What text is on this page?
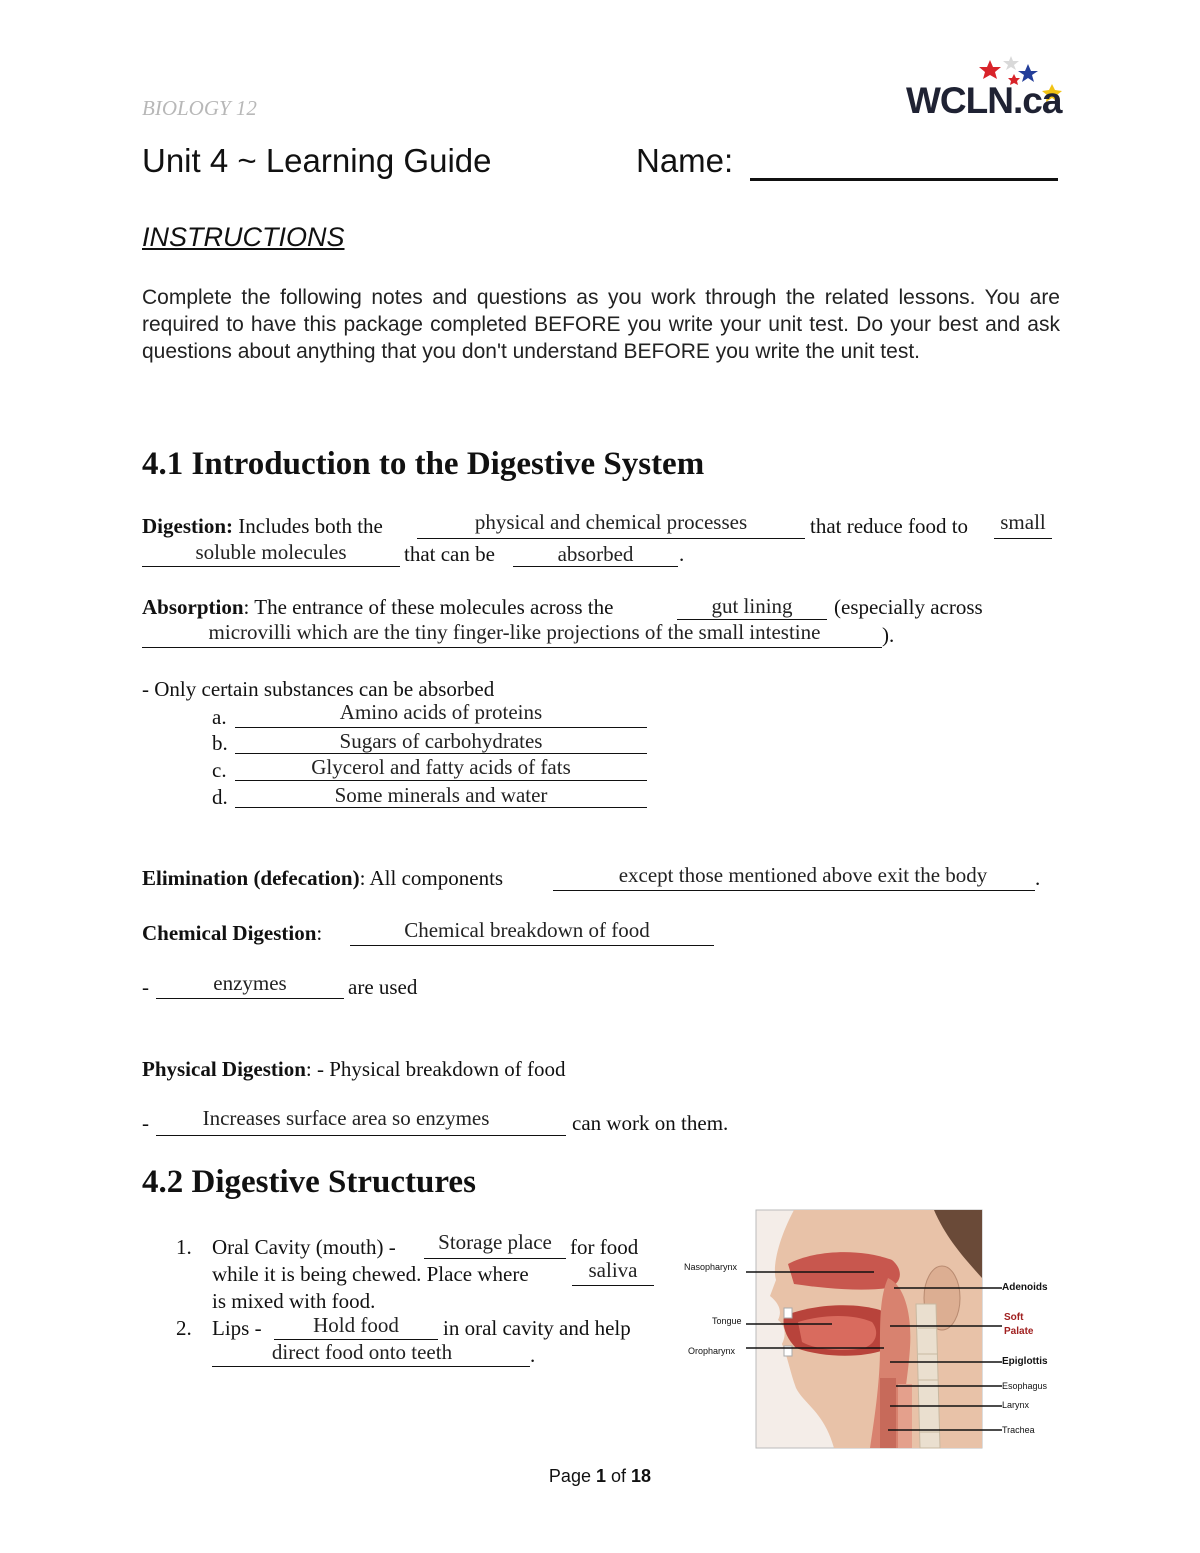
BIOLOGY 12	WCLN.ca
Unit 4 ~ Learning Guide	Name:
INSTRUCTIONS
Complete the following notes and questions as you work through the related lessons. You are required to have this package completed BEFORE you write your unit test. Do your best and ask questions about anything that you don't understand BEFORE you write the unit test.
4.1 Introduction to the Digestive System
Digestion: Includes both the	physical and chemical processes	that reduce food to small
soluble molecules	that can be	absorbed	.
Absorption: The entrance of these molecules across the	gut lining	(especially across
microvilli which are the tiny finger-like projections of the small intestine	).
- Only certain substances can be absorbed
a.	Amino acids of proteins
b.	Sugars of carbohydrates
c.	Glycerol and fatty acids of fats
d.	Some minerals and water
Elimination (defecation): All components	except those mentioned above exit the body	.
Chemical Digestion:	Chemical breakdown of food
-	enzymes	are used
Physical Digestion: - Physical breakdown of food
-	Increases surface area so enzymes	can work on them.
4.2 Digestive Structures
1. Oral Cavity (mouth) -	Storage place for food
while it is being chewed. Place where	saliva
is mixed with food.
2. Lips -	Hold food	in oral cavity and help
direct food onto teeth	.
Nasopharynx
Tongue
Oropharynx
Adenoids
Soft
Palate
Epiglottis
Esophagus
Larynx
Trachea
Page 1 of 18
